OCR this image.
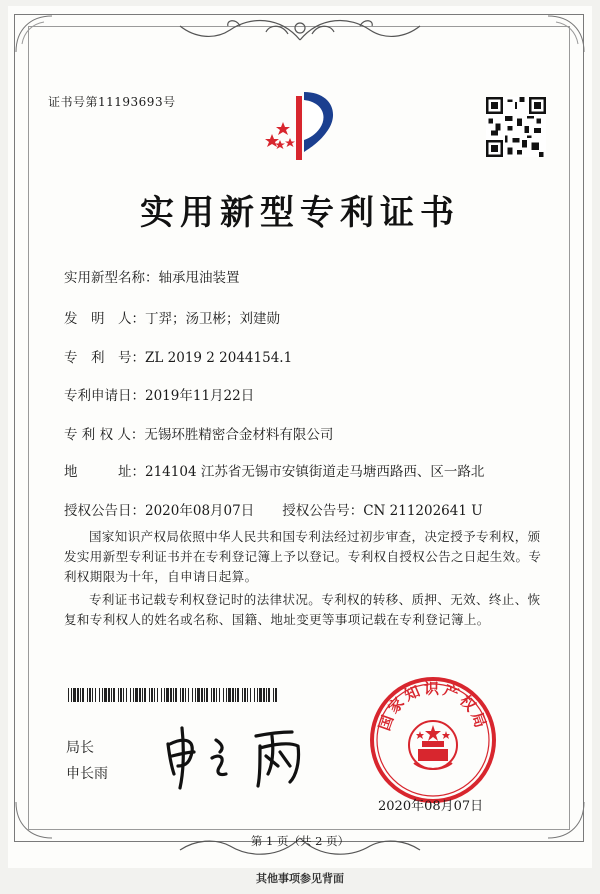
证书号第11193693号
实用新型专利证书
实用新型名称：轴承甩油装置
发　明　人：丁羿；汤卫彬；刘建勋
专　利　号：ZL 2019 2 2044154.1
专利申请日：2019年11月22日
专 利 权 人：无锡环胜精密合金材料有限公司
地　　　址：214104 江苏省无锡市安镇街道走马塘西路西、区一路北
授权公告日：2020年08月07日 授权公告号：CN 211202641 U

国家知识产权局依照中华人民共和国专利法经过初步审查，决定授予专利权，颁发实用新型专利证书并在专利登记簿上予以登记。专利权自授权公告之日起生效。专利权期限为十年，自申请日起算。

专利证书记载专利权登记时的法律状况。专利权的转移、质押、无效、终止、恢复和专利权人的姓名或名称、国籍、地址变更等事项记载在专利登记簿上。

局长
申长雨
国家知识产权局
2020年08月07日
第 1 页（共 2 页）
其他事项参见背面
